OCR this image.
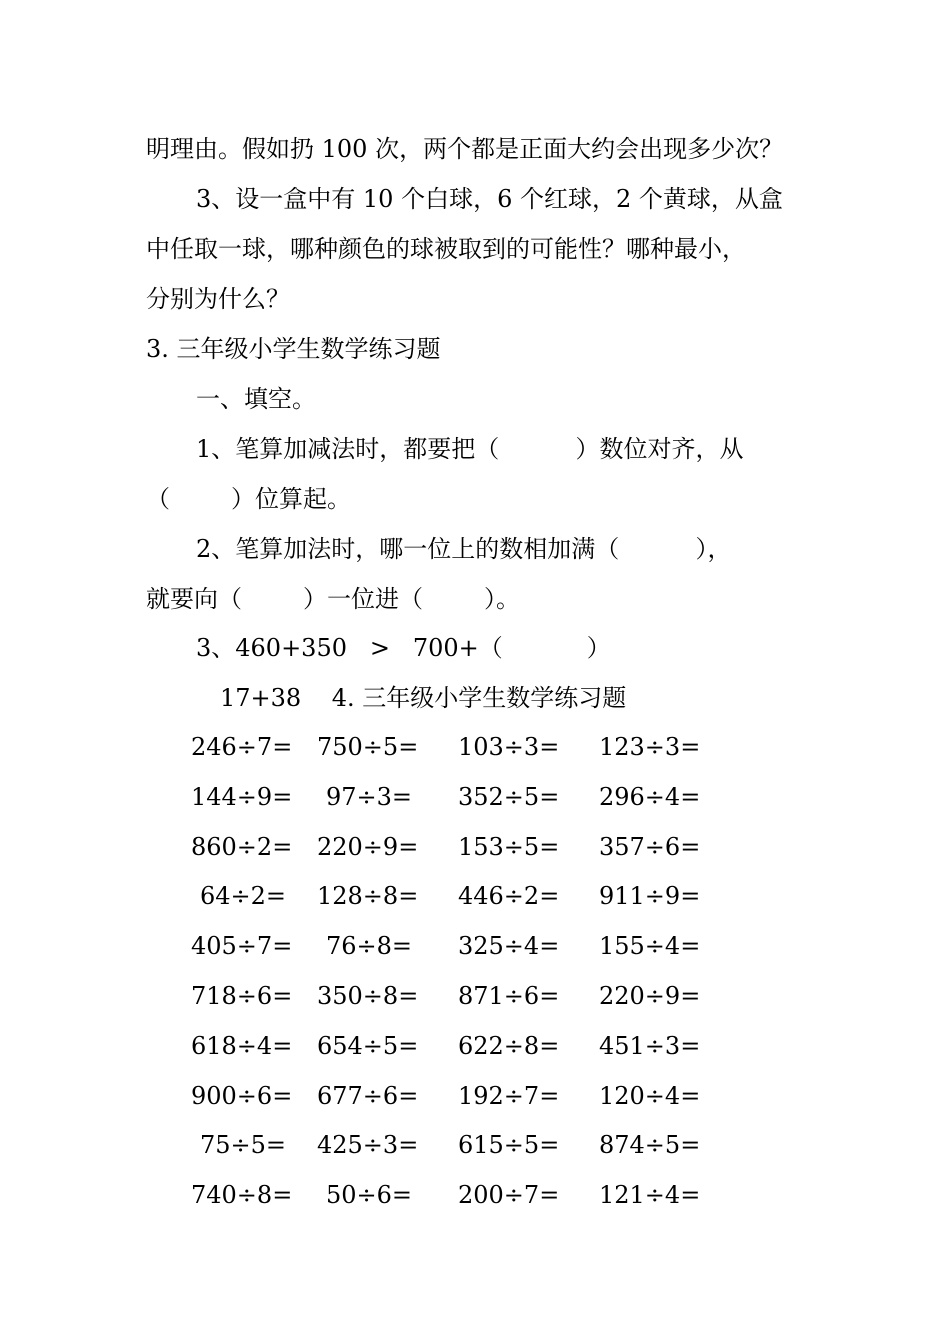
明理由。假如扔 100 次，两个都是正面大约会出现多少次？
3、设一盒中有 10 个白球，6 个红球，2 个黄球，从盒
中任取一球，哪种颜色的球被取到的可能性？哪种最小，
分别为什么？
3. 三年级小学生数学练习题
一、填空。
1、笔算加减法时，都要把（          ）数位对齐，从
（        ）位算起。
2、笔算加法时，哪一位上的数相加满（          ），
就要向（        ）一位进（        ）。
3、460+350   >   700+（           ）
17+38    4. 三年级小学生数学练习题
246÷7= 750÷5= 103÷3= 123÷3=
144÷9=	97÷3= 352÷5= 296÷4=
860÷2= 220÷9= 153÷5= 357÷6=
64÷2= 128÷8= 446÷2= 911÷9=
405÷7=	76÷8= 325÷4= 155÷4=
718÷6= 350÷8= 871÷6= 220÷9=
618÷4= 654÷5= 622÷8= 451÷3=
900÷6= 677÷6= 192÷7= 120÷4=
75÷5= 425÷3= 615÷5= 874÷5=
740÷8=	50÷6= 200÷7= 121÷4=
